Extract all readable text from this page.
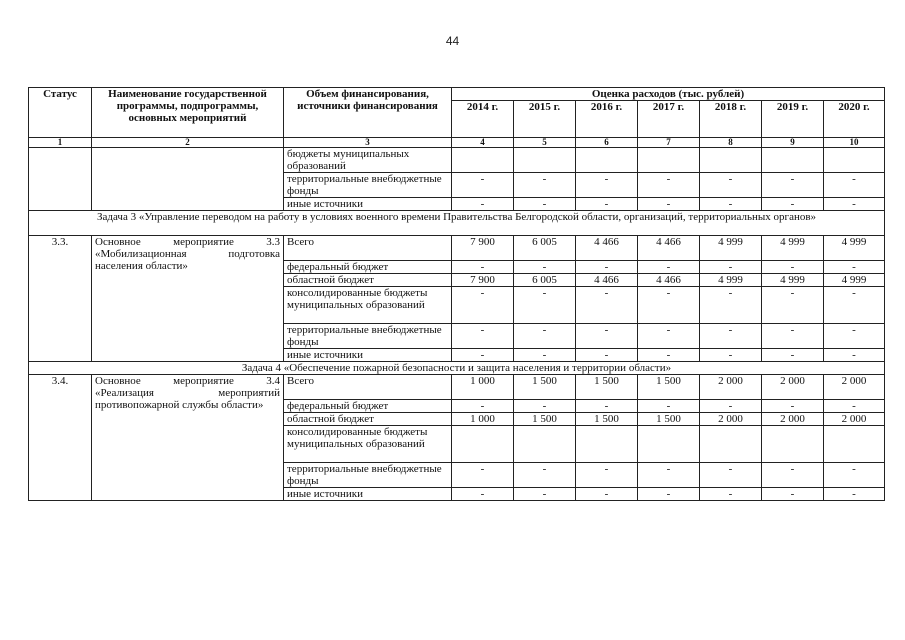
44
Статус	Наименование государственной программы, подпрограммы, основных мероприятий	Объем финансирования, источники финансирования	Оценка расходов (тыс. рублей)						
			2014 г.	2015 г.	2016 г.	2017 г.	2018 г.	2019 г.	2020 г.
1	2	3	4	5	6	7	8	9	10
		бюджеты муниципальных образований							
		территориальные внебюджетные фонды	-	-	-	-	-	-	-
		иные источники	-	-	-	-	-	-	-
Задача 3 «Управление переводом на работу в условиях военного времени Правительства Белгородской области, организаций, территориальных органов»									
3.3.	Основное мероприятие 3.3 «Мобилизационная подготовка населения области»	Всего	7 900	6 005	4 466	4 466	4 999	4 999	4 999
		федеральный бюджет	-	-	-	-	-	-	-
		областной бюджет	7 900	6 005	4 466	4 466	4 999	4 999	4 999
		консолидированные бюджеты муниципальных образований	-	-	-	-	-	-	-
		территориальные внебюджетные фонды	-	-	-	-	-	-	-
		иные источники	-	-	-	-	-	-	-
Задача 4 «Обеспечение пожарной безопасности и защита населения и территории области»									
3.4.	Основное мероприятие 3.4 «Реализация мероприятий противопожарной службы области»	Всего	1 000	1 500	1 500	1 500	2 000	2 000	2 000
		федеральный бюджет	-	-	-	-	-	-	-
		областной бюджет	1 000	1 500	1 500	1 500	2 000	2 000	2 000
		консолидированные бюджеты муниципальных образований							
		территориальные внебюджетные фонды	-	-	-	-	-	-	-
		иные источники	-	-	-	-	-	-	-
